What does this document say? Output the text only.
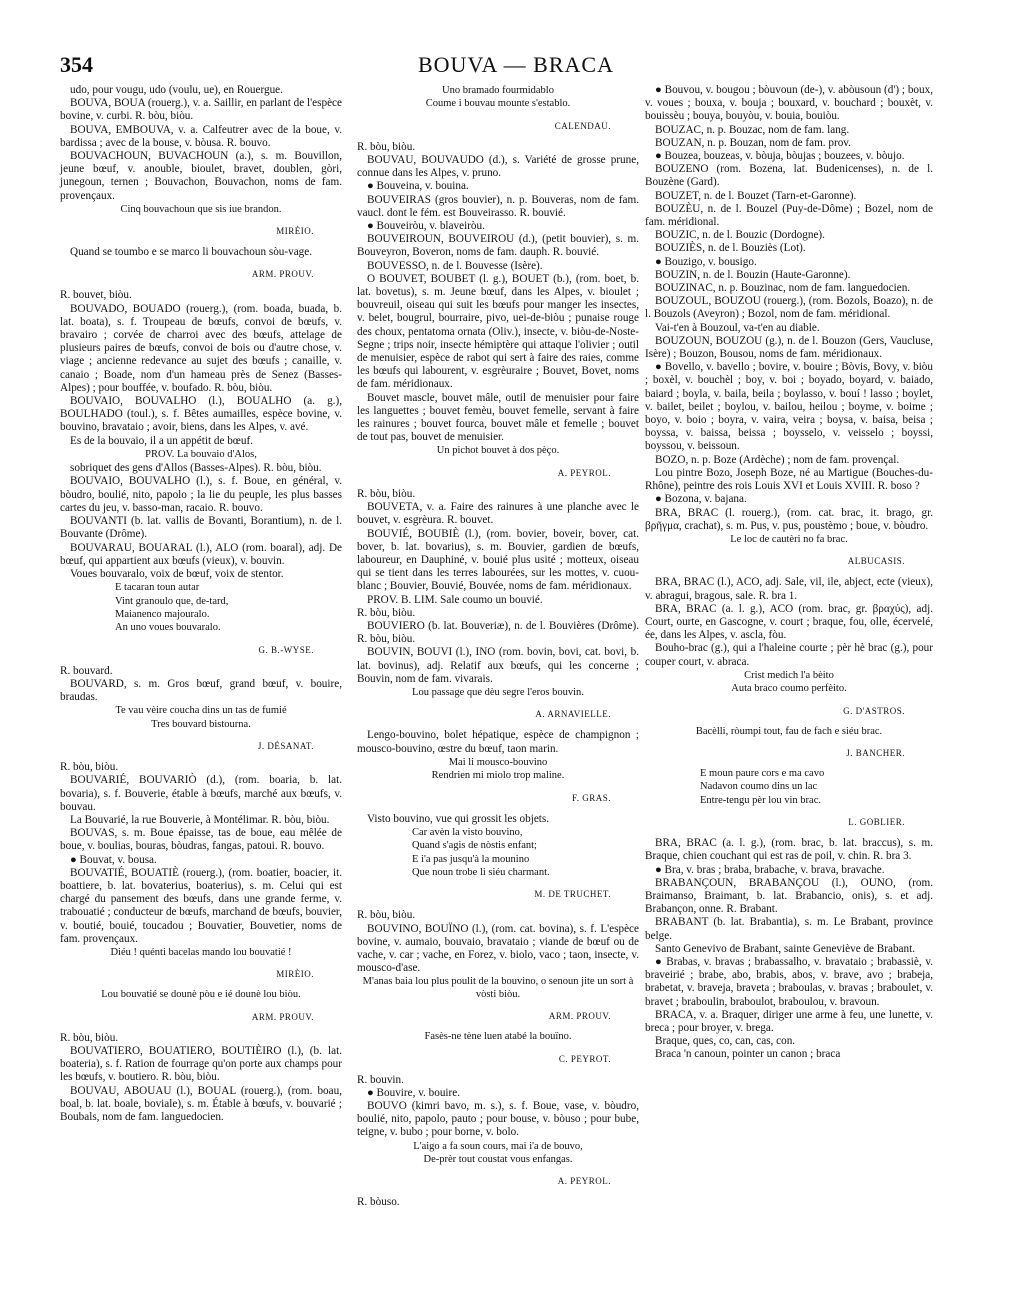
354	BOUVA — BRACA

udo, pour vougu, udo (voulu, ue), en Rouergue.

BOUVA, BOUA (rouerg.), v. a. Saillir, en parlant de l'espèce bovine, v. curbi. R. bòu, biòu.

BOUVA, EMBOUVA, v. a. Calfeutrer avec de la boue, v. bardissa ; avec de la bouse, v. bòusa. R. bouvo.

BOUVACHOUN, BUVACHOUN (a.), s. m. Bouvillon, jeune bœuf, v. anouble, bioulet, bravet, doublen, gòri, junegoun, ternen ; Bouvachon, Bouvachon, noms de fam. provençaux.

Cinq bouvachoun que sis iue brandon.

MIRÈIO.

Quand se toumbo e se marco li bouvachoun sòu-vage.

ARM. PROUV.

R. bouvet, biòu.

BOUVADO, BOUADO (rouerg.), (rom. boada, buada, b. lat. boata), s. f. Troupeau de bœufs, convoi de bœufs, v. bravairo ; corvée de charroi avec des bœufs, attelage de plusieurs paires de bœufs, convoi de bois ou d'autre chose, v. viage ; ancienne redevance au sujet des bœufs ; canaille, v. canaio ; Boade, nom d'un hameau près de Senez (Basses-Alpes) ; pour bouffée, v. boufado. R. bòu, biòu.

BOUVAIO, BOUVALHO (l.), BOUALHO (a. g.), BOULHADO (toul.), s. f. Bêtes aumailles, espèce bovine, v. bouvino, bravataio ; avoir, biens, dans les Alpes, v. avé.

Es de la bouvaio, il a un appétit de bœuf.

PROV. La bouvaio d'Alos,

sobriquet des gens d'Allos (Basses-Alpes). R. bòu, biòu.

BOUVAIO, BOUVALHO (l.), s. f. Boue, en général, v. bòudro, boulié, nito, papolo ; la lie du peuple, les plus basses cartes du jeu, v. basso-man, racaio. R. bouvo.

BOUVANTI (b. lat. vallis de Bovanti, Borantium), n. de l. Bouvante (Drôme).

BOUVARAU, BOUARAL (l.), ALO (rom. boaral), adj. De bœuf, qui appartient aux bœufs (vieux), v. bouvin.

Voues bouvaralo, voix de bœuf, voix de stentor.

E tacaran toun autar

Vint granoulo que, de-tard,

Maianenco majouralo.

An uno voues bouvaralo.

G. B.-WYSE.

R. bouvard.

BOUVARD, s. m. Gros bœuf, grand bœuf, v. bouire, braudas.

Te vau vèire coucha dins un tas de fumié

Tres bouvard bistourna.

J. DÉSANAT.

R. bòu, biòu.

BOUVARIÉ, BOUVARIÒ (d.), (rom. boaria, b. lat. bovaria), s. f. Bouverie, étable à bœufs, marché aux bœufs, v. bouvau.

La Bouvarié, la rue Bouverie, à Montélimar. R. bòu, biòu.

BOUVAS, s. m. Boue épaisse, tas de boue, eau mêlée de boue, v. boulias, bouras, bòudras, fangas, patoui. R. bouvo.

● Bouvat, v. bousa.

BOUVATIÉ, BOUATIÈ (rouerg.), (rom. boatier, boacier, it. boattiere, b. lat. bovaterius, boaterius), s. m. Celui qui est chargé du pansement des bœufs, dans une grande ferme, v. trabouatié ; conducteur de bœufs, marchand de bœufs, bouvier, v. boutié, bouié, toucadou ; Bouvatier, Bouvetier, noms de fam. provençaux.

Diéu ! quénti bacelas mando lou bouvatié !

MIRÈIO.

Lou bouvatié se dounè pòu e ié dounè lou biòu.

ARM. PROUV.

R. bòu, biòu.

BOUVATIERO, BOUATIERO, BOUTIÈIRO (l.), (b. lat. boateria), s. f. Ration de fourrage qu'on porte aux champs pour les bœufs, v. boutiero. R. bòu, biòu.

BOUVAU, ABOUAU (l.), BOUAL (rouerg.), (rom. boau, boal, b. lat. boale, boviale), s. m. Étable à bœufs, v. bouvarié ; Boubals, nom de fam. languedocien.

Uno bramado fourmidablo

Coume i bouvau mounte s'establo.

CALENDAU.

R. bòu, biòu.

BOUVAU, BOUVAUDO (d.), s. Variété de grosse prune, connue dans les Alpes, v. pruno.

● Bouveina, v. bouina.

BOUVEIRAS (gros bouvier), n. p. Bouveras, nom de fam. vaucl. dont le fém. est Bouveirasso. R. bouvié.

● Bouveiròu, v. blaveiròu.

BOUVEIROUN, BOUVEIROU (d.), (petit bouvier), s. m. Bouveyron, Boveron, noms de fam. dauph. R. bouvié.

BOUVESSO, n. de l. Bouvesse (Isère).

O BOUVET, BOUBET (l. g.), BOUET (b.), (rom. boet, b. lat. bovetus), s. m. Jeune bœuf, dans les Alpes, v. bioulet ; bouvreuil, oiseau qui suit les bœufs pour manger les insectes, v. belet, bougrul, bourraire, pivo, uei-de-biòu ; punaise rouge des choux, pentatoma ornata (Oliv.), insecte, v. biòu-de-Noste-Segne ; trips noir, insecte hémiptère qui attaque l'olivier ; outil de menuisier, espèce de rabot qui sert à faire des raies, comme les bœufs qui labourent, v. esgrèuraire ; Bouvet, Bovet, noms de fam. méridionaux.

Bouvet mascle, bouvet mâle, outil de menuisier pour faire les languettes ; bouvet femèu, bouvet femelle, servant à faire les rainures ; bouvet fourca, bouvet mâle et femelle ; bouvet de tout pas, bouvet de menuisier.

Un pichot bouvet à dos pèço.

A. PEYROL.

R. bòu, biòu.

BOUVETA, v. a. Faire des rainures à une planche avec le bouvet, v. esgrèura. R. bouvet.

BOUVIÉ, BOUBIÈ (l.), (rom. bovier, boveir, bover, cat. bover, b. lat. bovarius), s. m. Bouvier, gardien de bœufs, laboureur, en Dauphiné, v. bouié plus usité ; motteux, oiseau qui se tient dans les terres labourées, sur les mottes, v. cuou-blanc ; Bouvier, Bouvié, Bouvée, noms de fam. méridionaux.

PROV. B. LIM. Sale coumo un bouvié.

R. bòu, biòu.

BOUVIERO (b. lat. Bouveriæ), n. de l. Bouvières (Drôme). R. bòu, biòu.

BOUVIN, BOUVI (l.), INO (rom. bovin, bovi, cat. bovi, b. lat. bovinus), adj. Relatif aux bœufs, qui les concerne ; Bouvin, nom de fam. vivarais.

Lou passage que dèu segre l'eros bouvin.

A. ARNAVIELLE.

Lengo-bouvino, bolet hépatique, espèce de champignon ; mousco-bouvino, œstre du bœuf, taon marin.

Mai li mousco-bouvino

Rendrien mi miolo trop maline.

F. GRAS.

Visto bouvino, vue qui grossit les objets.

Car avèn la visto bouvino,

Quand s'agis de nòstis enfant;

E i'a pas jusqu'à la mounino

Que noun trobe li siéu charmant.

M. DE TRUCHET.

R. bòu, biòu.

BOUVINO, BOUÏNO (l.), (rom. cat. bovina), s. f. L'espèce bovine, v. aumaio, bouvaio, bravataio ; viande de bœuf ou de vache, v. car ; vache, en Forez, v. biolo, vaco ; taon, insecte, v. mousco-d'ase.

M'anas baia lou plus poulit de la bouvino, o senoun jite un sort à vòsti biòu.

ARM. PROUV.

Fasès-ne tène luen atabé la bouïno.

C. PEYROT.

R. bouvin.

● Bouvire, v. bouire.

BOUVO (kimri bavo, m. s.), s. f. Boue, vase, v. bòudro, boulié, nito, papolo, pauto ; pour bouse, v. bòuso ; pour bube, teigne, v. bubo ; pour borne, v. bolo.

L'aigo a fa soun cours, mai i'a de bouvo,

De-prèr tout coustat vous enfangas.

A. PEYROL.

R. bòuso.

● Bouvou, v. bougou ; bòuvoun (de-), v. abòusoun (d') ; boux, v. voues ; bouxa, v. bouja ; bouxard, v. bouchard ; bouxèt, v. bouissèu ; bouya, bouyòu, v. bouia, bouiòu.

BOUZAC, n. p. Bouzac, nom de fam. lang.

BOUZAN, n. p. Bouzan, nom de fam. prov.

● Bouzea, bouzeas, v. bòuja, bòujas ; bouzees, v. bòujo.

BOUZENO (rom. Bozena, lat. Budenicenses), n. de l. Bouzène (Gard).

BOUZET, n. de l. Bouzet (Tarn-et-Garonne).

BOUZÈU, n. de l. Bouzel (Puy-de-Dôme) ; Bozel, nom de fam. méridional.

BOUZIC, n. de l. Bouzic (Dordogne).

BOUZIÈS, n. de l. Bouziès (Lot).

● Bouzigo, v. bousigo.

BOUZIN, n. de l. Bouzin (Haute-Garonne).

BOUZINAC, n. p. Bouzinac, nom de fam. languedocien.

BOUZOUL, BOUZOU (rouerg.), (rom. Bozols, Boazo), n. de l. Bouzols (Aveyron) ; Bozol, nom de fam. méridional.

Vai-t'en à Bouzoul, va-t'en au diable.

BOUZOUN, BOUZOU (g.), n. de l. Bouzon (Gers, Vaucluse, Isère) ; Bouzon, Bousou, noms de fam. méridionaux.

● Bovello, v. bavello ; bovire, v. bouire ; Bòvis, Bovy, v. biòu ; boxèl, v. bouchèl ; boy, v. boi ; boyado, boyard, v. baiado, baiard ; boyla, v. baila, beila ; boylasso, v. bouí ! lasso ; boylet, v. bailet, beilet ; boylou, v. bailou, heilou ; boyme, v. boime ; boyo, v. boio ; boyra, v. vaira, veira ; boysa, v. baisa, beisa ; boyssa, v. baissa, beissa ; boysselo, v. veisselo ; boyssi, boyssou, v. beissoun.

BOZO, n. p. Boze (Ardèche) ; nom de fam. provençal.

Lou pintre Bozo, Joseph Boze, né au Martigue (Bouches-du-Rhône), peintre des rois Louis XVI et Louis XVIII. R. boso ?

● Bozona, v. bajana.

BRA, BRAC (l. rouerg.), (rom. cat. brac, it. brago, gr. βρῆγμα, crachat), s. m. Pus, v. pus, poustèmo ; boue, v. bòudro.

Le loc de cautèri no fa brac.

ALBUCASIS.

BRA, BRAC (l.), ACO, adj. Sale, vil, ile, abject, ecte (vieux), v. abragui, bragous, sale. R. bra 1.

BRA, BRAC (a. l. g.), ACO (rom. brac, gr. βραχύς), adj. Court, ourte, en Gascogne, v. court ; braque, fou, olle, écervelé, ée, dans les Alpes, v. ascla, fòu.

Bouho-brac (g.), qui a l'haleine courte ; pèr hè brac (g.), pour couper court, v. abraca.

Crist medich l'a bèito

Auta braco coumo perfèito.

G. D'ASTROS.

Bacèlli, ròumpi tout, fau de fach e siéu brac.

J. BANCHER.

E moun paure cors e ma cavo

Nadavon coumo dins un lac

Entre-tengu pèr lou vin brac.

L. GOBLIER.

BRA, BRAC (a. l. g.), (rom. brac, b. lat. braccus), s. m. Braque, chien couchant qui est ras de poil, v. chin. R. bra 3.

● Bra, v. bras ; braba, brabache, v. brava, bravache.

BRABANÇOUN, BRABANÇOU (l.), OUNO, (rom. Braimanso, Braimant, b. lat. Brabancio, onis), s. et adj. Brabançon, onne. R. Brabant.

BRABANT (b. lat. Brabantia), s. m. Le Brabant, province belge.

Santo Genevivo de Brabant, sainte Geneviève de Brabant.

● Brabas, v. bravas ; brabassalho, v. bravataio ; brabassiè, v. braveirié ; brabe, abo, brabis, abos, v. brave, avo ; brabeja, brabetat, v. braveja, braveta ; braboulas, v. bravas ; braboulet, v. bravet ; braboulin, braboulot, braboulou, v. bravoun.

BRACA, v. a. Braquer, diriger une arme à feu, une lunette, v. breca ; pour broyer, v. brega.

Braque, ques, co, can, cas, con.

Braca 'n canoun, pointer un canon ; braca
